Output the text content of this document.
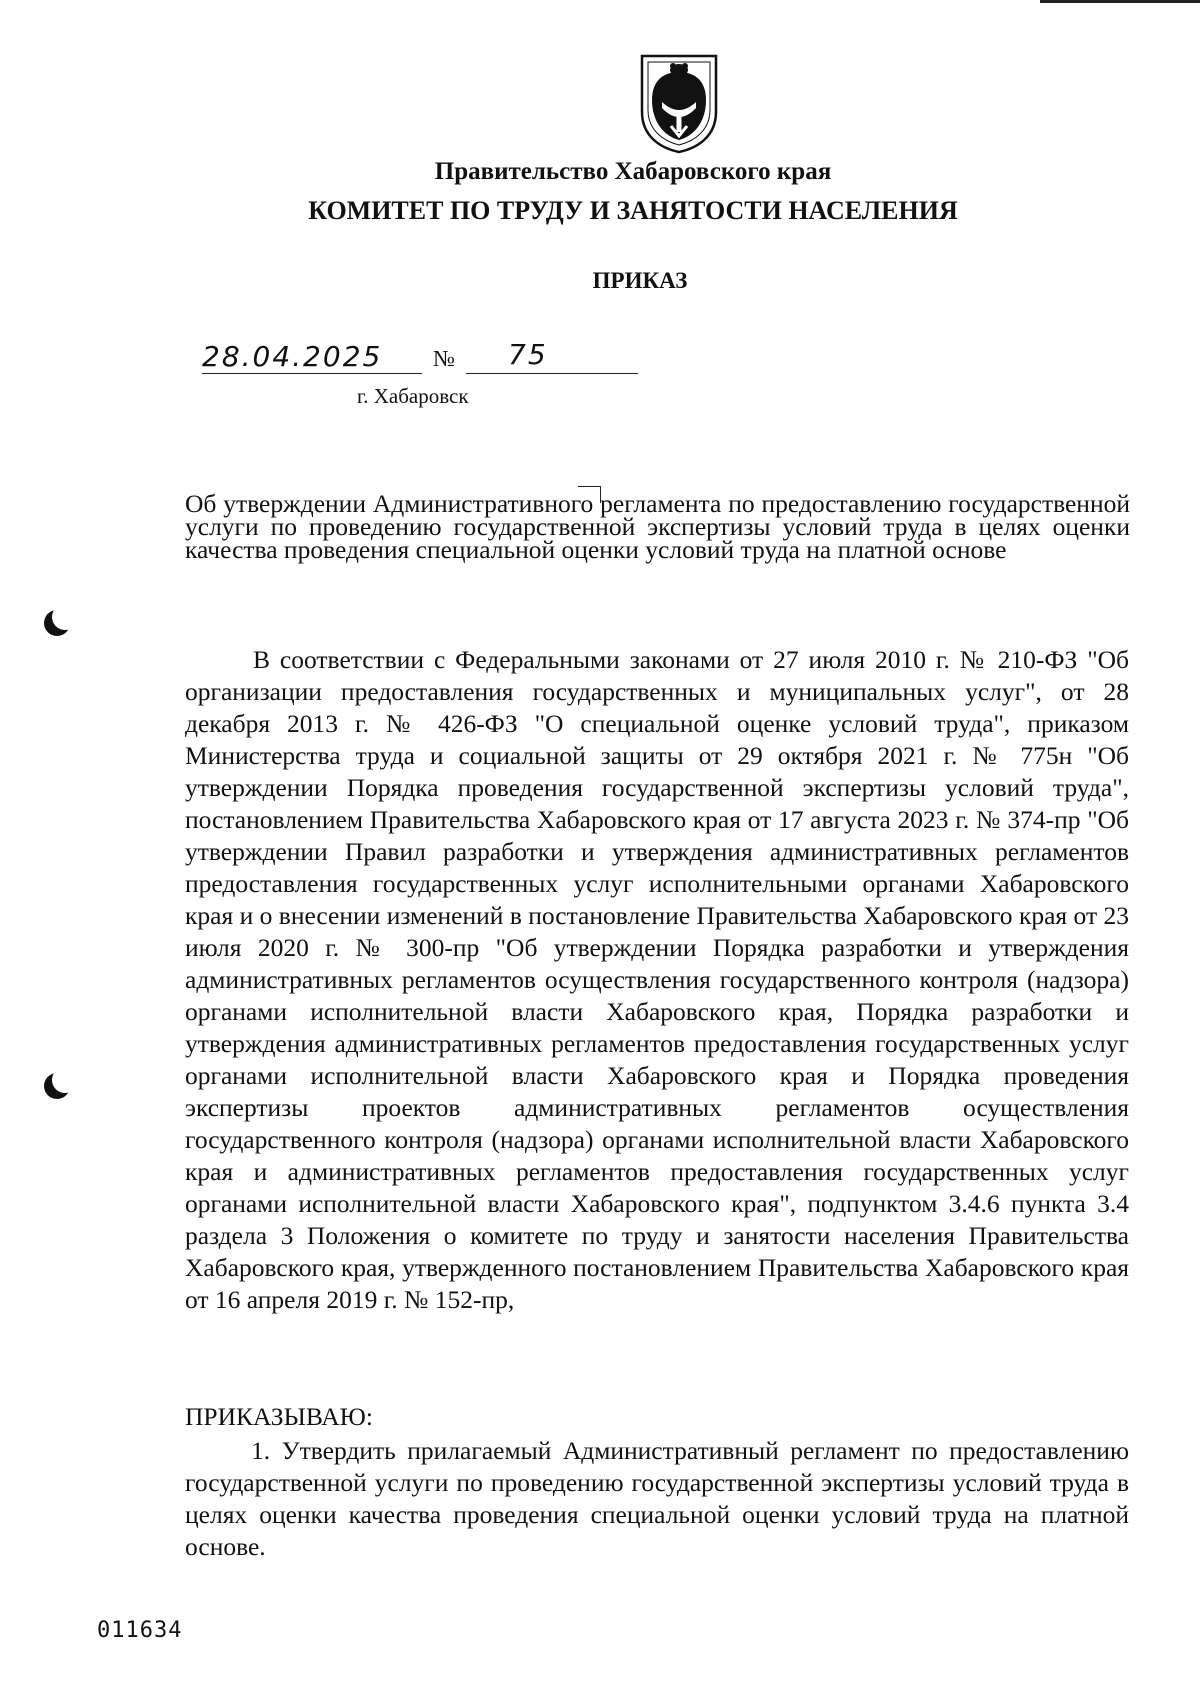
Правительство Хабаровского края
КОМИТЕТ ПО ТРУДУ И ЗАНЯТОСТИ НАСЕЛЕНИЯ
ПРИКАЗ
28.04.2025 № 75
г. Хабаровск
Об утверждении Административного регламента по предоставлению государственной услуги по проведению государственной экспертизы условий труда в целях оценки качества проведения специальной оценки условий труда на платной основе

В соответствии с Федеральными законами от 27 июля 2010 г. № 210-ФЗ "Об организации предоставления государственных и муниципальных услуг", от 28 декабря 2013 г. № 426-ФЗ "О специальной оценке условий труда", приказом Министерства труда и социальной защиты от 29 октября 2021 г. № 775н "Об утверждении Порядка проведения государственной экспертизы условий труда", постановлением Правительства Хабаровского края от 17 августа 2023 г. № 374-пр "Об утверждении Правил разработки и утверждения административных регламентов предоставления государственных услуг исполнительными органами Хабаровского края и о внесении изменений в постановление Правительства Хабаровского края от 23 июля 2020 г. № 300-пр "Об утверждении Порядка разработки и утверждения административных регламентов осуществления государственного контроля (надзора) органами исполнительной власти Хабаровского края, Порядка разработки и утверждения административных регламентов предоставления государственных услуг органами исполнительной власти Хабаровского края и Порядка проведения экспертизы проектов административных регламентов осуществления государственного контроля (надзора) органами исполнительной власти Хабаровского края и административных регламентов предоставления государственных услуг органами исполнительной власти Хабаровского края", подпунктом 3.4.6 пункта 3.4 раздела 3 Положения о комитете по труду и занятости населения Правительства Хабаровского края, утвержденного постановлением Правительства Хабаровского края от 16 апреля 2019 г. № 152-пр,

ПРИКАЗЫВАЮ:

1. Утвердить прилагаемый Административный регламент по предоставлению государственной услуги по проведению государственной экспертизы условий труда в целях оценки качества проведения специальной оценки условий труда на платной основе.

011634
